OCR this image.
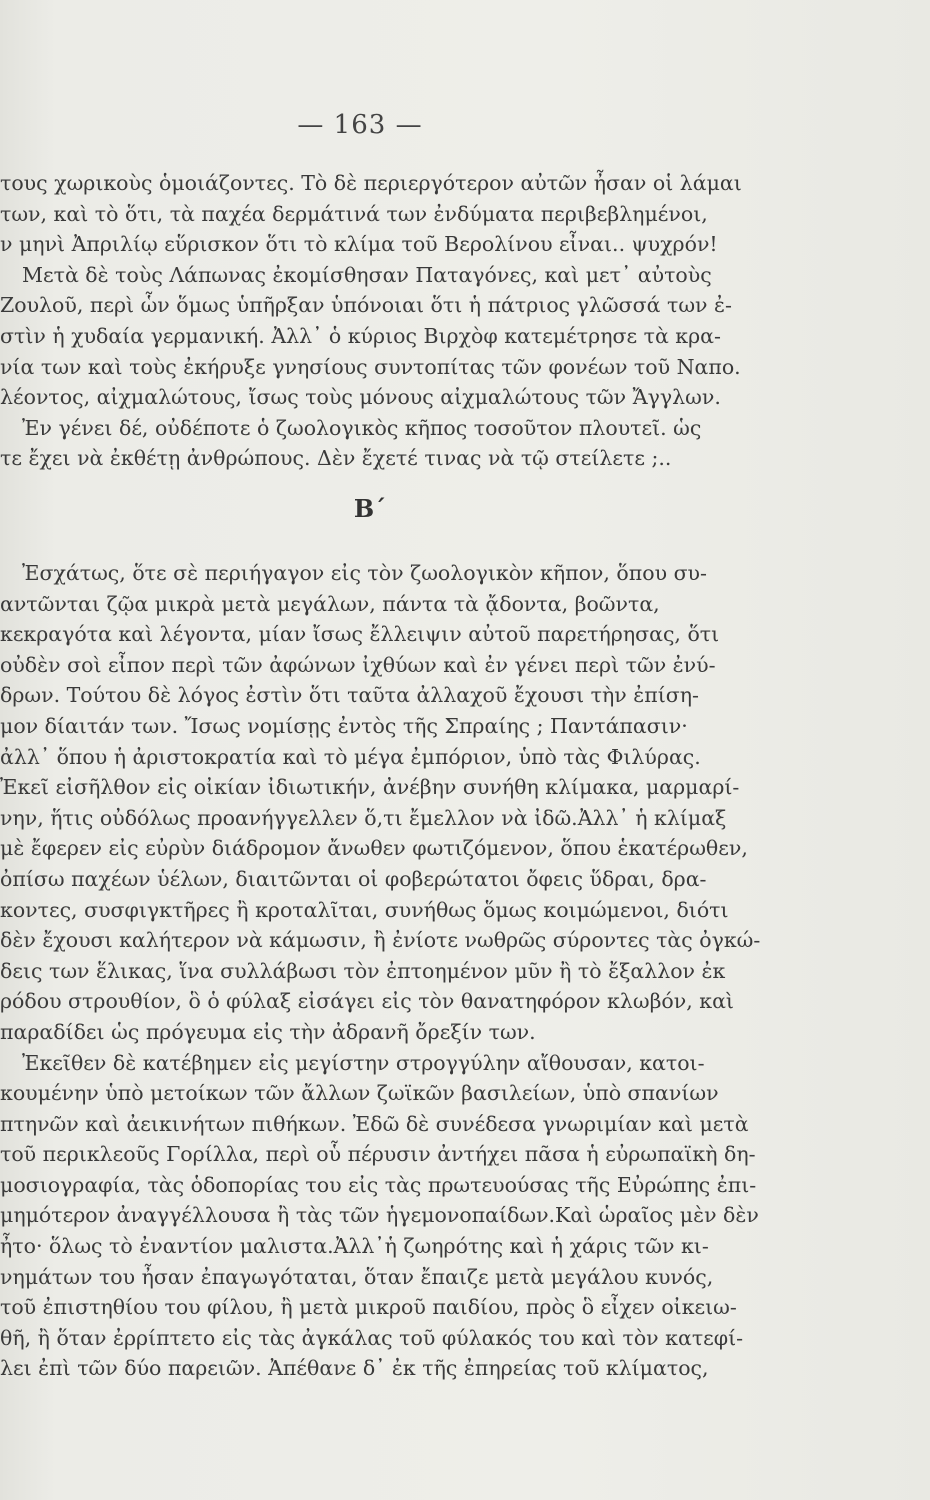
— 163 —
τους χωρικοὺς ὁμοιάζοντες. Τὸ δὲ περιεργότερον αὐτῶν ἦσαν οἱ λάμαι
των, καὶ τὸ ὅτι, τὰ παχέα δερμάτινά των ἐνδύματα περιβεβλημένοι,
ν μηνὶ Ἀπριλίῳ εὕρισκον ὅτι τὸ κλίμα τοῦ Βερολίνου εἶναι.. ψυχρόν!
Μετὰ δὲ τοὺς Λάπωνας ἐκομίσθησαν Παταγόνες, καὶ μετ᾽ αὐτοὺς
Ζουλοῦ, περὶ ὧν ὅμως ὑπῆρξαν ὑπόνοιαι ὅτι ἡ πάτριος γλῶσσά των ἐ-
στὶν ἡ χυδαία γερμανική. Ἀλλ᾽ ὁ κύριος Βιρχὸφ κατεμέτρησε τὰ κρα-
νία των καὶ τοὺς ἐκήρυξε γνησίους συντοπίτας τῶν φονέων τοῦ Ναπο.
λέοντος, αἰχμαλώτους, ἴσως τοὺς μόνους αἰχμαλώτους τῶν Ἄγγλων.
Ἐν γένει δέ, οὐδέποτε ὁ ζωολογικὸς κῆπος τοσοῦτον πλουτεῖ. ὡς
τε ἔχει νὰ ἐκθέτῃ ἀνθρώπους. Δὲν ἔχετέ τινας νὰ τῷ στείλετε ;..
Β΄
Ἐσχάτως, ὅτε σὲ περιήγαγον εἰς τὸν ζωολογικὸν κῆπον, ὅπου συ-
αντῶνται ζῷα μικρὰ μετὰ μεγάλων, πάντα τὰ ᾄδοντα, βοῶντα,
κεκραγότα καὶ λέγοντα, μίαν ἴσως ἔλλειψιν αὐτοῦ παρετήρησας, ὅτι
οὐδὲν σοὶ εἶπον περὶ τῶν ἀφώνων ἰχθύων καὶ ἐν γένει περὶ τῶν ἐνύ-
δρων. Τούτου δὲ λόγος ἐστὶν ὅτι ταῦτα ἀλλαχοῦ ἔχουσι τὴν ἐπίση-
μον δίαιτάν των. Ἴσως νομίσῃς ἐντὸς τῆς Σπραίης ; Παντάπασιν·
ἀλλ᾽ ὅπου ἡ ἀριστοκρατία καὶ τὸ μέγα ἐμπόριον, ὑπὸ τὰς Φιλύρας.
Ἐκεῖ εἰσῆλθον εἰς οἰκίαν ἰδιωτικήν, ἀνέβην συνήθη κλίμακα, μαρμαρί-
νην, ἥτις οὐδόλως προανήγγελλεν ὅ,τι ἔμελλον νὰ ἰδῶ.Ἀλλ᾽ ἡ κλίμαξ
μὲ ἔφερεν εἰς εὐρὺν διάδρομον ἄνωθεν φωτιζόμενον, ὅπου ἑκατέρωθεν,
ὀπίσω παχέων ὑέλων, διαιτῶνται οἱ φοβερώτατοι ὄφεις ὕδραι, δρα-
κοντες, συσφιγκτῆρες ἢ κροταλῖται, συνήθως ὅμως κοιμώμενοι, διότι
δὲν ἔχουσι καλήτερον νὰ κάμωσιν, ἢ ἐνίοτε νωθρῶς σύροντες τὰς ὀγκώ-
δεις των ἕλικας, ἵνα συλλάβωσι τὸν ἐπτοημένον μῦν ἢ τὸ ἔξαλλον ἐκ
ρόδου στρουθίον, ὃ ὁ φύλαξ εἰσάγει εἰς τὸν θανατηφόρον κλωβόν, καὶ
παραδίδει ὡς πρόγευμα εἰς τὴν ἀδρανῆ ὄρεξίν των.
Ἐκεῖθεν δὲ κατέβημεν εἰς μεγίστην στρογγύλην αἴθουσαν, κατοι-
κουμένην ὑπὸ μετοίκων τῶν ἄλλων ζωϊκῶν βασιλείων, ὑπὸ σπανίων
πτηνῶν καὶ ἀεικινήτων πιθήκων. Ἐδῶ δὲ συνέδεσα γνωριμίαν καὶ μετὰ
τοῦ περικλεοῦς Γορίλλα, περὶ οὗ πέρυσιν ἀντήχει πᾶσα ἡ εὐρωπαϊκὴ δη-
μοσιογραφία, τὰς ὁδοπορίας του εἰς τὰς πρωτευούσας τῆς Εὐρώπης ἐπι-
μημότερον ἀναγγέλλουσα ἢ τὰς τῶν ἡγεμονοπαίδων.Καὶ ὡραῖος μὲν δὲν
ἦτο· ὅλως τὸ ἐναντίον μαλιστα.Ἀλλ᾽ἡ ζωηρότης καὶ ἡ χάρις τῶν κι-
νημάτων του ἦσαν ἐπαγωγόταται, ὅταν ἔπαιζε μετὰ μεγάλου κυνός,
τοῦ ἐπιστηθίου του φίλου, ἢ μετὰ μικροῦ παιδίου, πρὸς ὃ εἶχεν οἰκειω-
θῆ, ἢ ὅταν ἐρρίπτετο εἰς τὰς ἀγκάλας τοῦ φύλακός του καὶ τὸν κατεφί-
λει ἐπὶ τῶν δύο παρειῶν. Ἀπέθανε δ᾽ ἐκ τῆς ἐπηρείας τοῦ κλίματος,
